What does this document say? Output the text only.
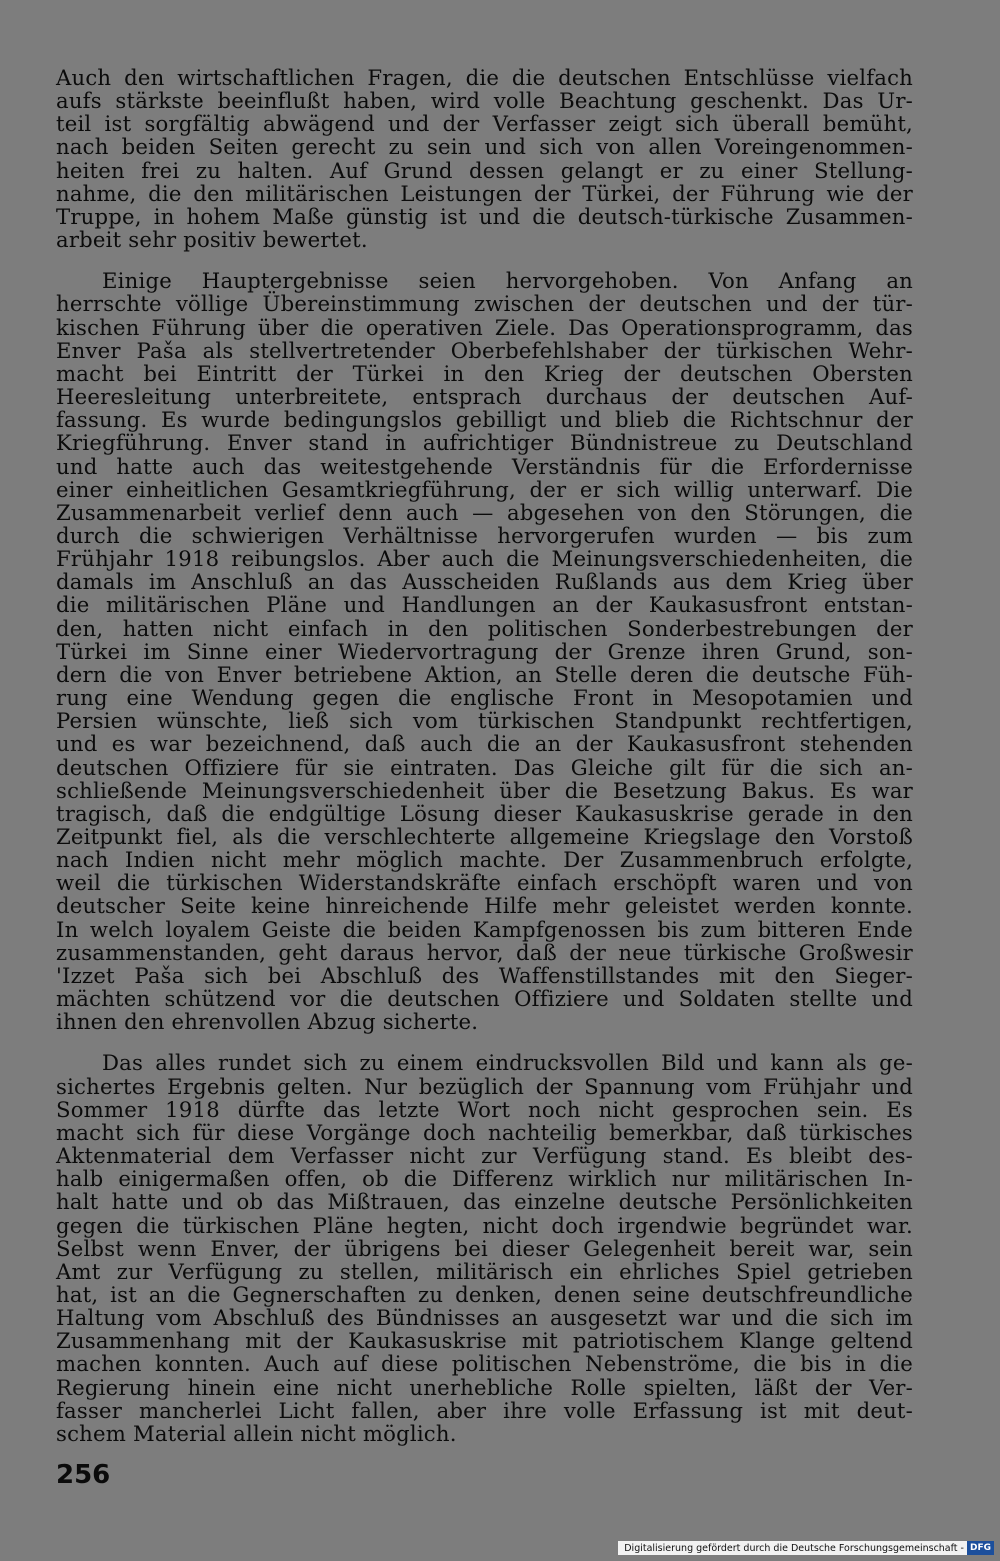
Auch den wirtschaftlichen Fragen, die die deutschen Entschlüsse vielfach
aufs stärkste beeinflußt haben, wird volle Beachtung geschenkt. Das Ur-
teil ist sorgfältig abwägend und der Verfasser zeigt sich überall bemüht,
nach beiden Seiten gerecht zu sein und sich von allen Voreingenommen-
heiten frei zu halten. Auf Grund dessen gelangt er zu einer Stellung-
nahme, die den militärischen Leistungen der Türkei, der Führung wie der
Truppe, in hohem Maße günstig ist und die deutsch-türkische Zusammen-
arbeit sehr positiv bewertet.
Einige Hauptergebnisse seien hervorgehoben. Von Anfang an
herrschte völlige Übereinstimmung zwischen der deutschen und der tür-
kischen Führung über die operativen Ziele. Das Operationsprogramm, das
Enver Paša als stellvertretender Oberbefehlshaber der türkischen Wehr-
macht bei Eintritt der Türkei in den Krieg der deutschen Obersten
Heeresleitung unterbreitete, entsprach durchaus der deutschen Auf-
fassung. Es wurde bedingungslos gebilligt und blieb die Richtschnur der
Kriegführung. Enver stand in aufrichtiger Bündnistreue zu Deutschland
und hatte auch das weitestgehende Verständnis für die Erfordernisse
einer einheitlichen Gesamtkriegführung, der er sich willig unterwarf. Die
Zusammenarbeit verlief denn auch — abgesehen von den Störungen, die
durch die schwierigen Verhältnisse hervorgerufen wurden — bis zum
Frühjahr 1918 reibungslos. Aber auch die Meinungsverschiedenheiten, die
damals im Anschluß an das Ausscheiden Rußlands aus dem Krieg über
die militärischen Pläne und Handlungen an der Kaukasusfront entstan-
den, hatten nicht einfach in den politischen Sonderbestrebungen der
Türkei im Sinne einer Wiedervortragung der Grenze ihren Grund, son-
dern die von Enver betriebene Aktion, an Stelle deren die deutsche Füh-
rung eine Wendung gegen die englische Front in Mesopotamien und
Persien wünschte, ließ sich vom türkischen Standpunkt rechtfertigen,
und es war bezeichnend, daß auch die an der Kaukasusfront stehenden
deutschen Offiziere für sie eintraten. Das Gleiche gilt für die sich an-
schließende Meinungsverschiedenheit über die Besetzung Bakus. Es war
tragisch, daß die endgültige Lösung dieser Kaukasuskrise gerade in den
Zeitpunkt fiel, als die verschlechterte allgemeine Kriegslage den Vorstoß
nach Indien nicht mehr möglich machte. Der Zusammenbruch erfolgte,
weil die türkischen Widerstandskräfte einfach erschöpft waren und von
deutscher Seite keine hinreichende Hilfe mehr geleistet werden konnte.
In welch loyalem Geiste die beiden Kampfgenossen bis zum bitteren Ende
zusammenstanden, geht daraus hervor, daß der neue türkische Großwesir
'Izzet Paša sich bei Abschluß des Waffenstillstandes mit den Sieger-
mächten schützend vor die deutschen Offiziere und Soldaten stellte und
ihnen den ehrenvollen Abzug sicherte.
Das alles rundet sich zu einem eindrucksvollen Bild und kann als ge-
sichertes Ergebnis gelten. Nur bezüglich der Spannung vom Frühjahr und
Sommer 1918 dürfte das letzte Wort noch nicht gesprochen sein. Es
macht sich für diese Vorgänge doch nachteilig bemerkbar, daß türkisches
Aktenmaterial dem Verfasser nicht zur Verfügung stand. Es bleibt des-
halb einigermaßen offen, ob die Differenz wirklich nur militärischen In-
halt hatte und ob das Mißtrauen, das einzelne deutsche Persönlichkeiten
gegen die türkischen Pläne hegten, nicht doch irgendwie begründet war.
Selbst wenn Enver, der übrigens bei dieser Gelegenheit bereit war, sein
Amt zur Verfügung zu stellen, militärisch ein ehrliches Spiel getrieben
hat, ist an die Gegnerschaften zu denken, denen seine deutschfreundliche
Haltung vom Abschluß des Bündnisses an ausgesetzt war und die sich im
Zusammenhang mit der Kaukasuskrise mit patriotischem Klange geltend
machen konnten. Auch auf diese politischen Nebenströme, die bis in die
Regierung hinein eine nicht unerhebliche Rolle spielten, läßt der Ver-
fasser mancherlei Licht fallen, aber ihre volle Erfassung ist mit deut-
schem Material allein nicht möglich.
256
Digitalisierung gefördert durch die Deutsche Forschungsgemeinschaft - DFG
